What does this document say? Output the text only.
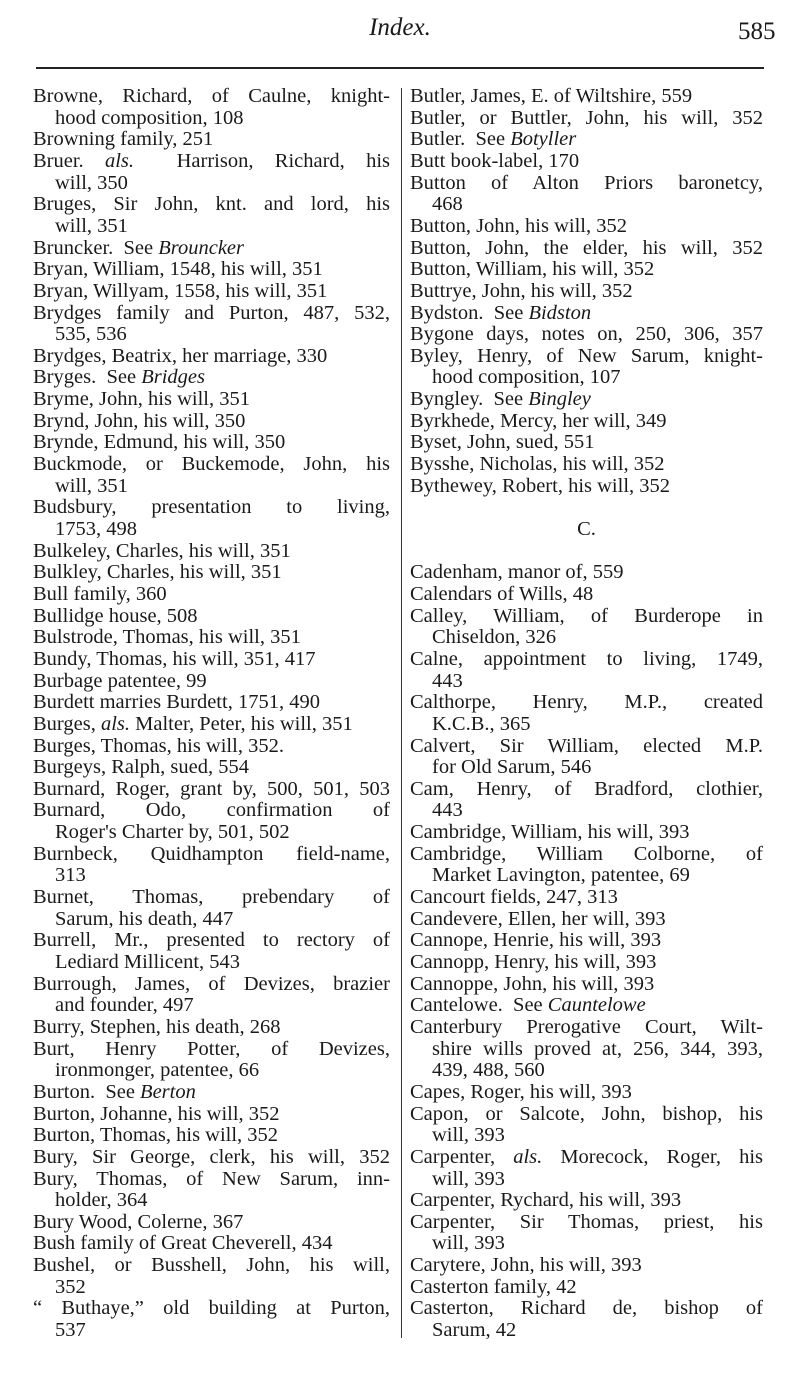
Index.	585
Browne, Richard, of Caulne, knight-
hood composition, 108
Browning family, 251
Bruer. als.  Harrison, Richard, his
will, 350
Bruges, Sir John, knt. and lord, his
will, 351
Bruncker.  See Brouncker
Bryan, William, 1548, his will, 351
Bryan, Willyam, 1558, his will, 351
Brydges family and Purton, 487, 532,
535, 536
Brydges, Beatrix, her marriage, 330
Bryges.  See Bridges
Bryme, John, his will, 351
Brynd, John, his will, 350
Brynde, Edmund, his will, 350
Buckmode, or Buckemode, John, his
will, 351
Budsbury, presentation to living,
1753, 498
Bulkeley, Charles, his will, 351
Bulkley, Charles, his will, 351
Bull family, 360
Bullidge house, 508
Bulstrode, Thomas, his will, 351
Bundy, Thomas, his will, 351, 417
Burbage patentee, 99
Burdett marries Burdett, 1751, 490
Burges, als. Malter, Peter, his will, 351
Burges, Thomas, his will, 352.
Burgeys, Ralph, sued, 554
Burnard, Roger, grant by, 500, 501, 503
Burnard,  Odo,  confirmation  of
Roger's Charter by, 501, 502
Burnbeck, Quidhampton field-name,
313
Burnet,  Thomas,  prebendary  of
Sarum, his death, 447
Burrell, Mr., presented to rectory of
Lediard Millicent, 543
Burrough, James, of Devizes, brazier
and founder, 497
Burry, Stephen, his death, 268
Burt,  Henry  Potter,  of  Devizes,
ironmonger, patentee, 66
Burton.  See Berton
Burton, Johanne, his will, 352
Burton, Thomas, his will, 352
Bury, Sir George, clerk, his will, 352
Bury, Thomas, of New Sarum, inn-
holder, 364
Bury Wood, Colerne, 367
Bush family of Great Cheverell, 434
Bushel, or Busshell, John, his will,
352
“ Buthaye,” old building at Purton,
537
Butler, James, E. of Wiltshire, 559
Butler, or Buttler, John, his will, 352
Butler.  See Botyller
Butt book-label, 170
Button of Alton Priors baronetcy,
468
Button, John, his will, 352
Button, John, the elder, his will, 352
Button, William, his will, 352
Buttrye, John, his will, 352
Bydston.  See Bidston
Bygone days, notes on, 250, 306, 357
Byley, Henry, of New Sarum, knight-
hood composition, 107
Byngley.  See Bingley
Byrkhede, Mercy, her will, 349
Byset, John, sued, 551
Bysshe, Nicholas, his will, 352
Bythewey, Robert, his will, 352
C.
Cadenham, manor of, 559
Calendars of Wills, 48
Calley,  William,  of  Burderope  in
Chiseldon, 326
Calne, appointment to living, 1749,
443
Calthorpe,  Henry,  M.P.,  created
K.C.B., 365
Calvert, Sir William, elected M.P.
for Old Sarum, 546
Cam, Henry, of Bradford, clothier,
443
Cambridge, William, his will, 393
Cambridge,  William  Colborne,  of
Market Lavington, patentee, 69
Cancourt fields, 247, 313
Candevere, Ellen, her will, 393
Cannope, Henrie, his will, 393
Cannopp, Henry, his will, 393
Cannoppe, John, his will, 393
Cantelowe.  See Cauntelowe
Canterbury Prerogative Court, Wilt-
shire wills proved at, 256, 344, 393,
439, 488, 560
Capes, Roger, his will, 393
Capon, or Salcote, John, bishop, his
will, 393
Carpenter, als. Morecock, Roger, his
will, 393
Carpenter, Rychard, his will, 393
Carpenter,  Sir  Thomas,  priest,  his
will, 393
Carytere, John, his will, 393
Casterton family, 42
Casterton,  Richard  de,  bishop  of
Sarum, 42
